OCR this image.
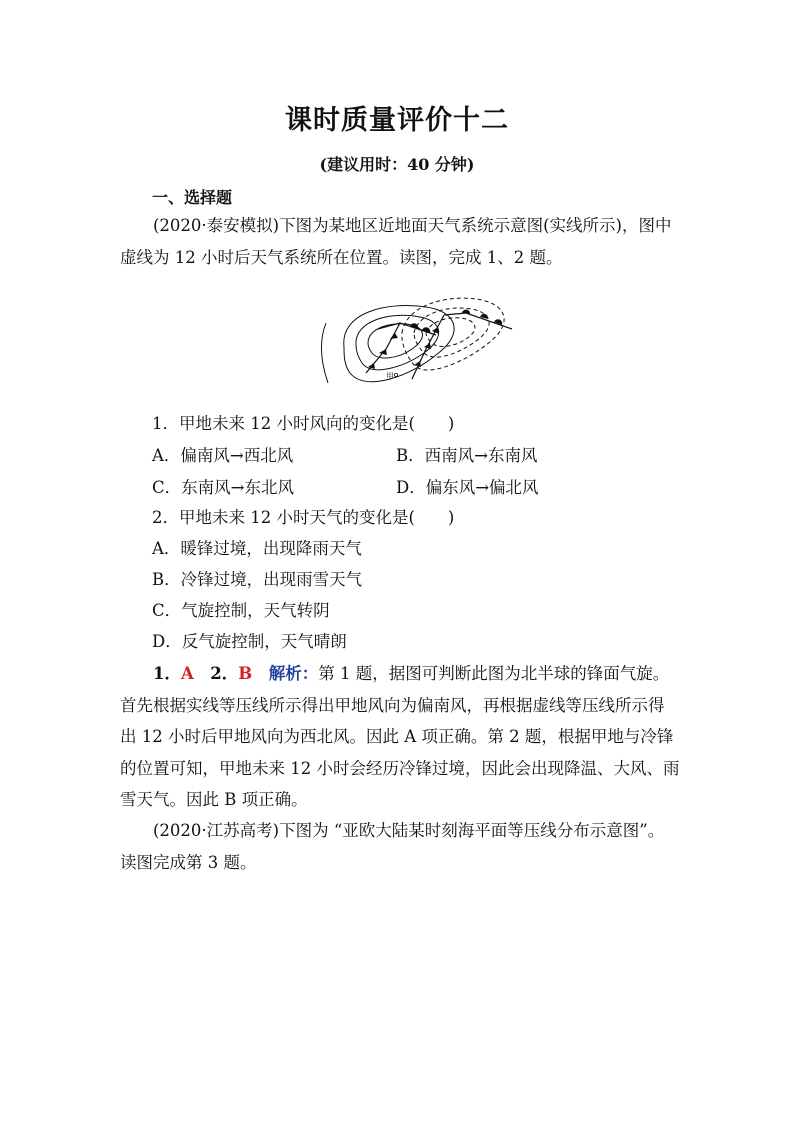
课时质量评价十二
(建议用时：40 分钟)
一、选择题
(2020·泰安模拟)下图为某地区近地面天气系统示意图(实线所示)，图中虚线为 12 小时后天气系统所在位置。读图，完成 1、2 题。
甲
1．甲地未来 12 小时风向的变化是(　　)
A．偏南风→西北风	B．西南风→东南风
C．东南风→东北风	D．偏东风→偏北风
2．甲地未来 12 小时天气的变化是(　　)
A．暖锋过境，出现降雨天气
B．冷锋过境，出现雨雪天气
C．气旋控制，天气转阴
D．反气旋控制，天气晴朗
1．A　 2．B　 解析：第 1 题，据图可判断此图为北半球的锋面气旋。首先根据实线等压线所示得出甲地风向为偏南风，再根据虚线等压线所示得出 12 小时后甲地风向为西北风。因此 A 项正确。第 2 题，根据甲地与冷锋的位置可知，甲地未来 12 小时会经历冷锋过境，因此会出现降温、大风、雨雪天气。因此 B 项正确。
(2020·江苏高考)下图为 “亚欧大陆某时刻海平面等压线分布示意图”。读图完成第 3 题。
